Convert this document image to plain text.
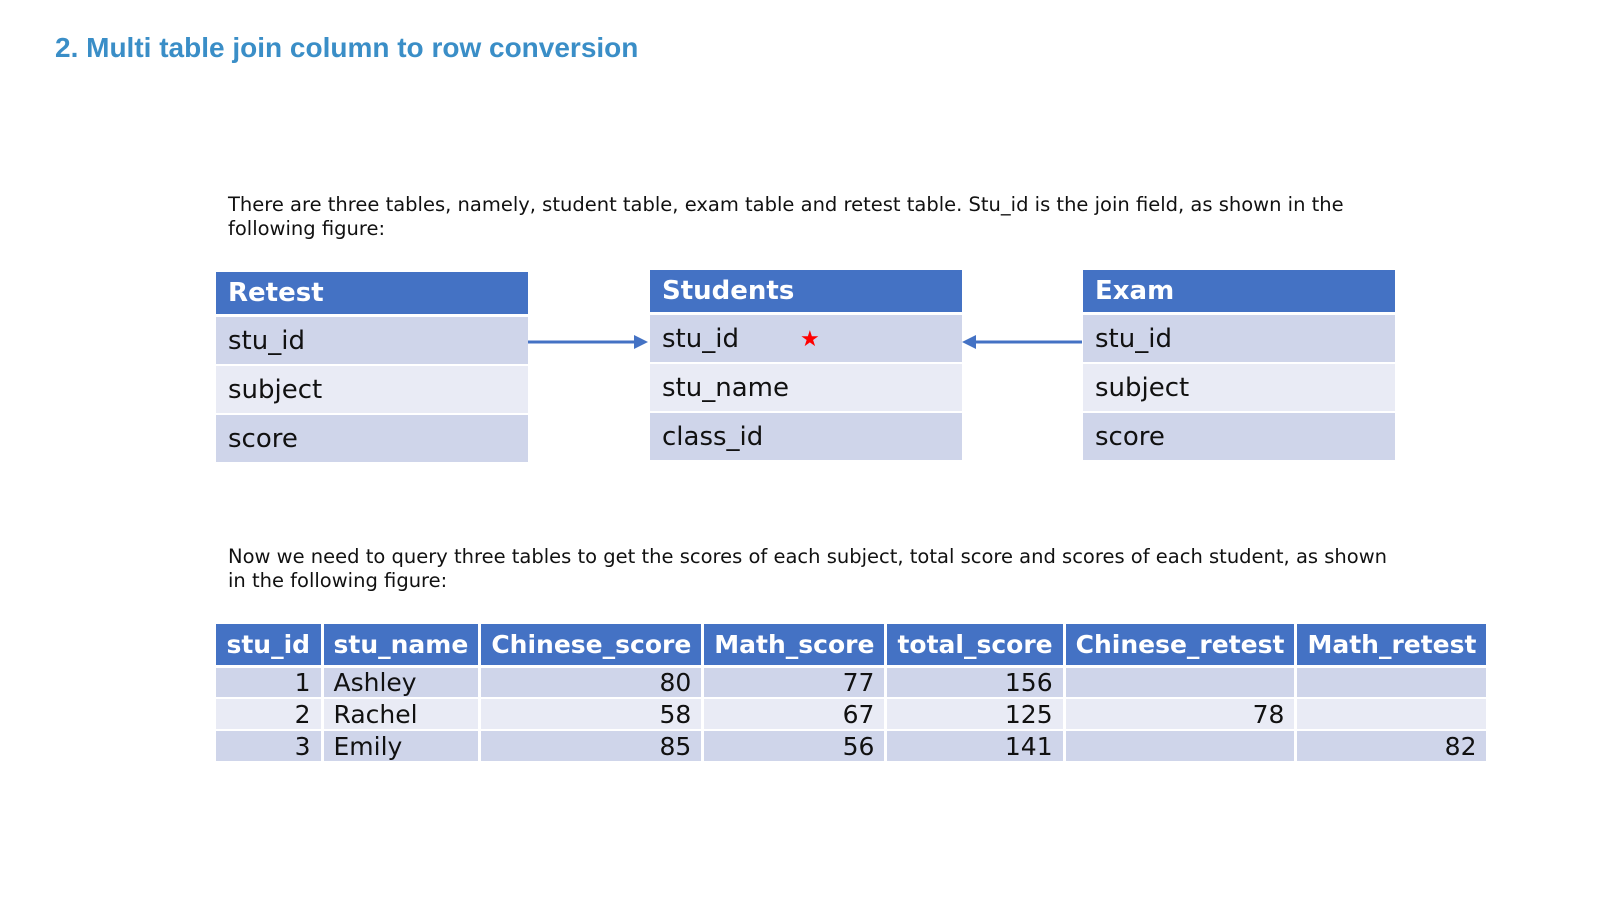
2. Multi table join column to row conversion

There are three tables, namely, student table, exam table and retest table. Stu_id is the join field, as shown in the following figure:

Retest
stu_id
subject
score
Students
stu_id	★
stu_name
class_id
Exam
stu_id
subject
score

Now we need to query three tables to get the scores of each subject, total score and scores of each student, as shown in the following figure:

stu_id	stu_name	Chinese_score	Math_score	total_score	Chinese_retest	Math_retest
1	Ashley	80	77	156		
2	Rachel	58	67	125	78	
3	Emily	85	56	141		82
